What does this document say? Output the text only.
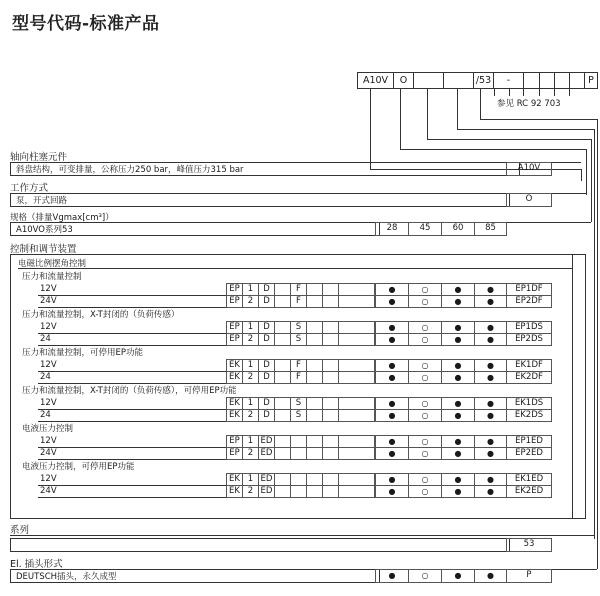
型号代码-标准产品
A10V	O	/53	-	P
参见 RC 92 703
轴向柱塞元件
斜盘结构，可变排量，公称压力250 bar，峰值压力315 bar	A10V
工作方式
泵，开式回路	O
规格（排量Vgmax[cm³]）
A10VO系列53	28	45	60	85
控制和调节装置
电磁比例摆角控制
压力和流量控制
12V	EP 1	D	F	●	○	●	●	EP1DF
24V	EP 2	D	F	●	○	●	●	EP2DF
压力和流量控制，X-T封闭的（负荷传感）
12V	EP 1	D	S	●	○	●	●	EP1DS
24	EP 2	D	S	●	○	●	●	EP2DS
压力和流量控制，可停用EP功能
12V	EK 1	D	F	●	○	●	●	EK1DF
24	EK 2	D	F	●	○	●	●	EK2DF
压力和流量控制，X-T封闭的（负荷传感），可停用EP功能
12V	EK 1	D	S	●	○	●	●	EK1DS
24	EK 2	D	S	●	○	●	●	EK2DS
电液压力控制
12V	EP 1 ED	●	○	●	●	EP1ED
24V	EP 2 ED	●	○	●	●	EP2ED
电液压力控制，可停用EP功能
12V	EK 1 ED	●	○	●	●	EK1ED
24V	EK 2 ED	●	○	●	●	EK2ED
系列
53
El. 插头形式
DEUTSCH插头，永久成型	●	○	●	●	P
